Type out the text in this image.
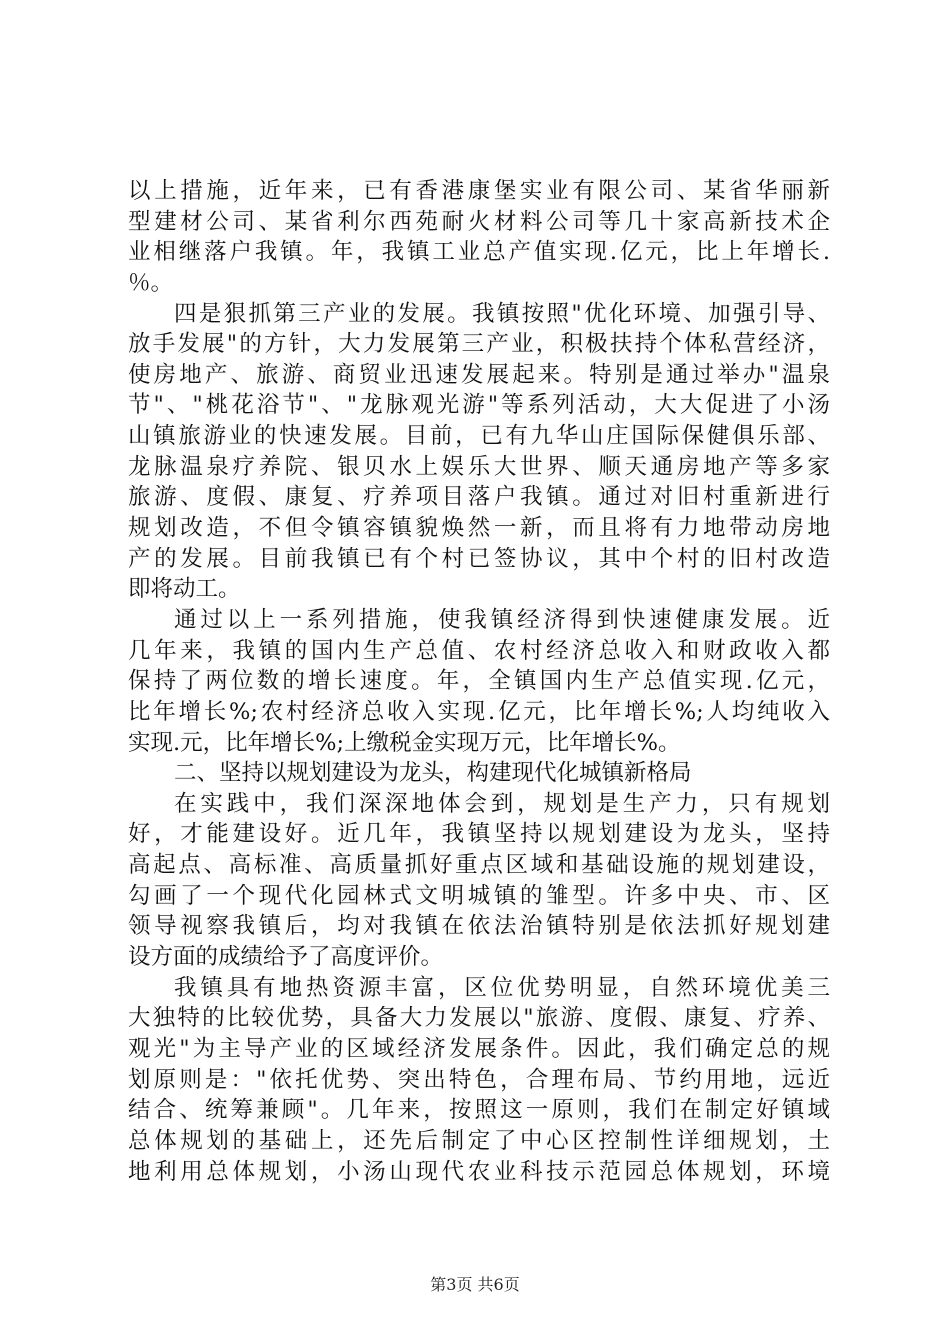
以上措施，近年来，已有香港康堡实业有限公司、某省华丽新
型建材公司、某省利尔西苑耐火材料公司等几十家高新技术企
业相继落户我镇。年，我镇工业总产值实现.亿元，比上年增长.
％。
四是狠抓第三产业的发展。我镇按照"优化环境、加强引导、
放手发展"的方针，大力发展第三产业，积极扶持个体私营经济，
使房地产、旅游、商贸业迅速发展起来。特别是通过举办"温泉
节"、"桃花浴节"、"龙脉观光游"等系列活动，大大促进了小汤
山镇旅游业的快速发展。目前，已有九华山庄国际保健俱乐部、
龙脉温泉疗养院、银贝水上娱乐大世界、顺天通房地产等多家
旅游、度假、康复、疗养项目落户我镇。通过对旧村重新进行
规划改造，不但令镇容镇貌焕然一新，而且将有力地带动房地
产的发展。目前我镇已有个村已签协议，其中个村的旧村改造
即将动工。
通过以上一系列措施，使我镇经济得到快速健康发展。近
几年来，我镇的国内生产总值、农村经济总收入和财政收入都
保持了两位数的增长速度。年，全镇国内生产总值实现.亿元，
比年增长%;农村经济总收入实现.亿元，比年增长%;人均纯收入
实现.元，比年增长%;上缴税金实现万元，比年增长%。
二、坚持以规划建设为龙头，构建现代化城镇新格局
在实践中，我们深深地体会到，规划是生产力，只有规划
好，才能建设好。近几年，我镇坚持以规划建设为龙头，坚持
高起点、高标准、高质量抓好重点区域和基础设施的规划建设，
勾画了一个现代化园林式文明城镇的雏型。许多中央、市、区
领导视察我镇后，均对我镇在依法治镇特别是依法抓好规划建
设方面的成绩给予了高度评价。
我镇具有地热资源丰富，区位优势明显，自然环境优美三
大独特的比较优势，具备大力发展以"旅游、度假、康复、疗养、
观光"为主导产业的区域经济发展条件。因此，我们确定总的规
划原则是："依托优势、突出特色，合理布局、节约用地，远近
结合、统筹兼顾"。几年来，按照这一原则，我们在制定好镇域
总体规划的基础上，还先后制定了中心区控制性详细规划，土
地利用总体规划，小汤山现代农业科技示范园总体规划，环境
第3页 共6页
